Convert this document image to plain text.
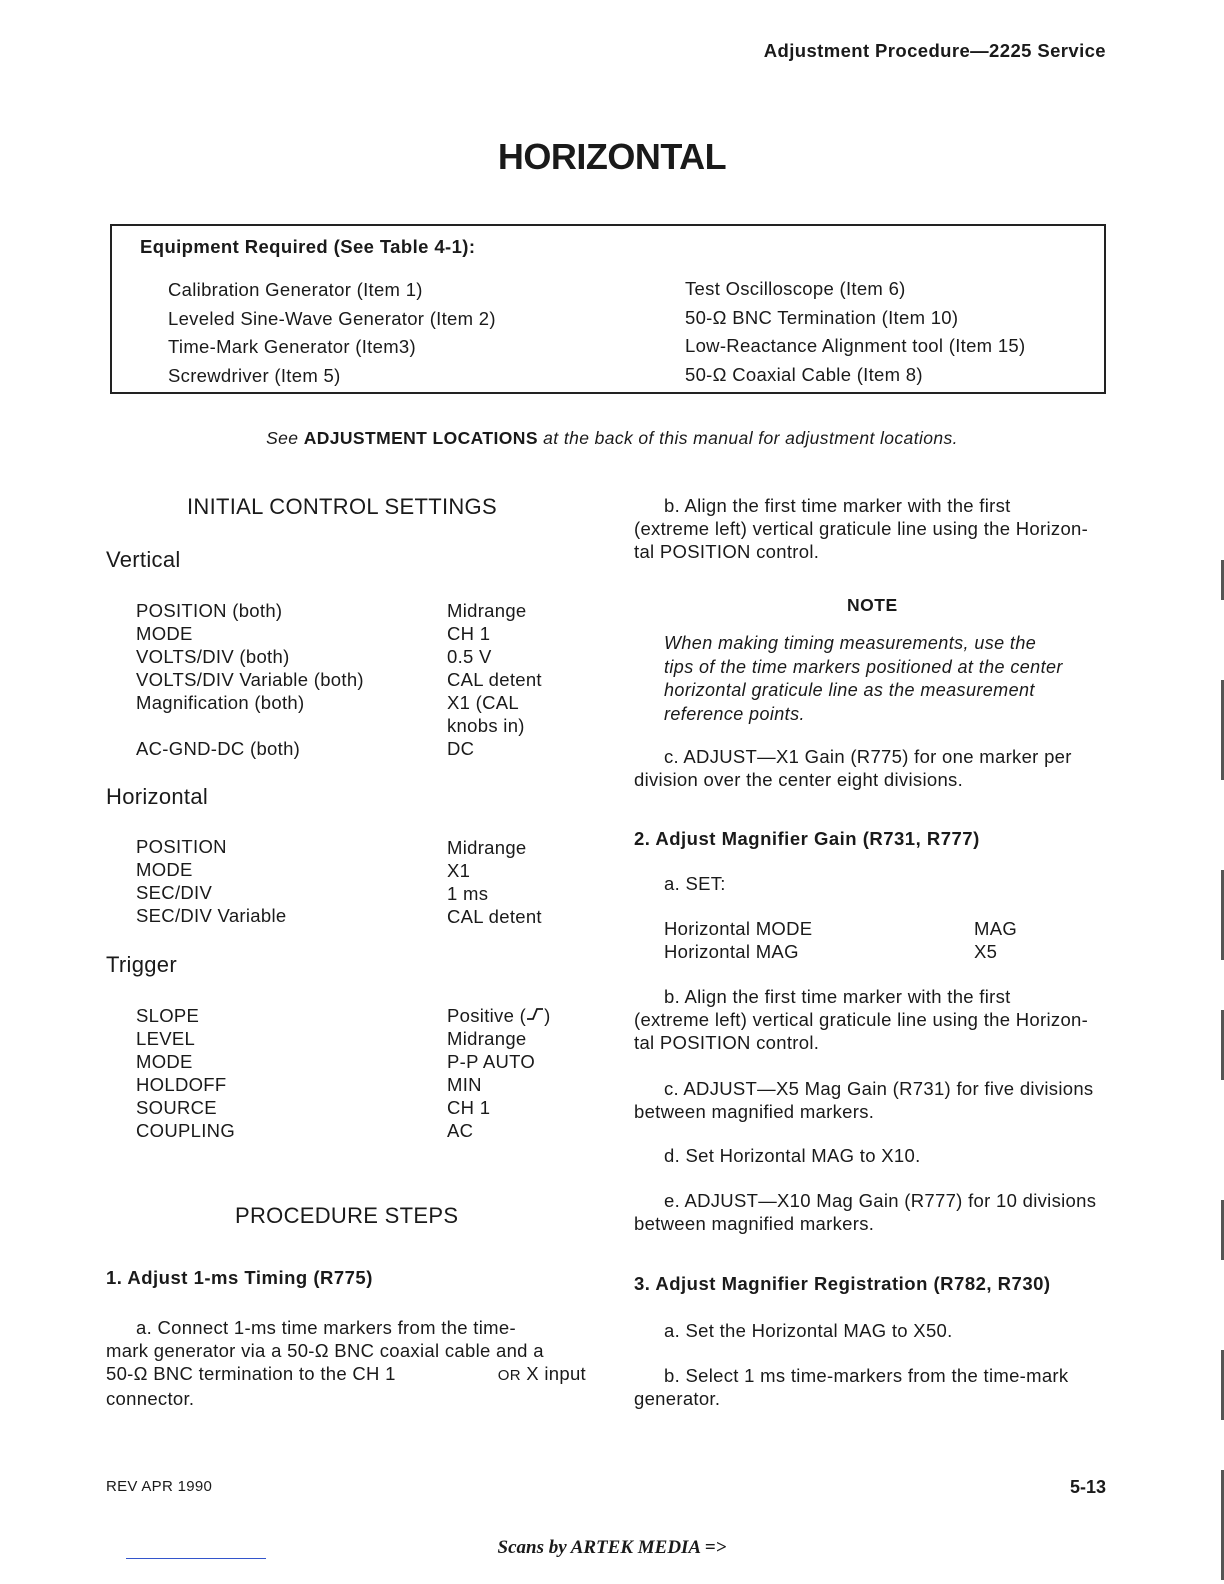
Adjustment Procedure—2225 Service
HORIZONTAL
Equipment Required (See Table 4-1):
Calibration Generator (Item 1)
Leveled Sine-Wave Generator (Item 2)
Time-Mark Generator (Item3)
Screwdriver (Item 5)
Test Oscilloscope (Item 6)
50-Ω BNC Termination (Item 10)
Low-Reactance Alignment tool (Item 15)
50-Ω Coaxial Cable (Item 8)
See ADJUSTMENT LOCATIONS at the back of this manual for adjustment locations.
INITIAL CONTROL SETTINGS
Vertical
POSITION (both)
MODE
VOLTS/DIV (both)
VOLTS/DIV Variable (both)
Magnification (both)
AC-GND-DC (both)
Midrange
CH 1
0.5 V
CAL detent
X1 (CAL
knobs in)
DC
Horizontal
POSITION
MODE
SEC/DIV
SEC/DIV Variable
Midrange
X1
1 ms
CAL detent
Trigger
SLOPE
LEVEL
MODE
HOLDOFF
SOURCE
COUPLING
Positive ( )
Midrange
P-P AUTO
MIN
CH 1
AC
PROCEDURE STEPS
1. Adjust 1-ms Timing (R775)
a. Connect 1-ms time markers from the time-
mark generator via a 50-Ω BNC coaxial cable and a
50-Ω BNC termination to the CH 1	OR X input
connector.
b. Align the first time marker with the first
(extreme left) vertical graticule line using the Horizon-
tal POSITION control.
NOTE
When making timing measurements, use the
tips of the time markers positioned at the center
horizontal graticule line as the measurement
reference points.
c. ADJUST—X1 Gain (R775) for one marker per
division over the center eight divisions.
2. Adjust Magnifier Gain (R731, R777)
a. SET:
Horizontal MODE
Horizontal MAG
MAG
X5
b. Align the first time marker with the first
(extreme left) vertical graticule line using the Horizon-
tal POSITION control.
c. ADJUST—X5 Mag Gain (R731) for five divisions
between magnified markers.
d. Set Horizontal MAG to X10.
e. ADJUST—X10 Mag Gain (R777) for 10 divisions
between magnified markers.
3. Adjust Magnifier Registration (R782, R730)
a. Set the Horizontal MAG to X50.
b. Select 1 ms time-markers from the time-mark
generator.
REV APR 1990	5-13
Scans by ARTEK MEDIA =>
